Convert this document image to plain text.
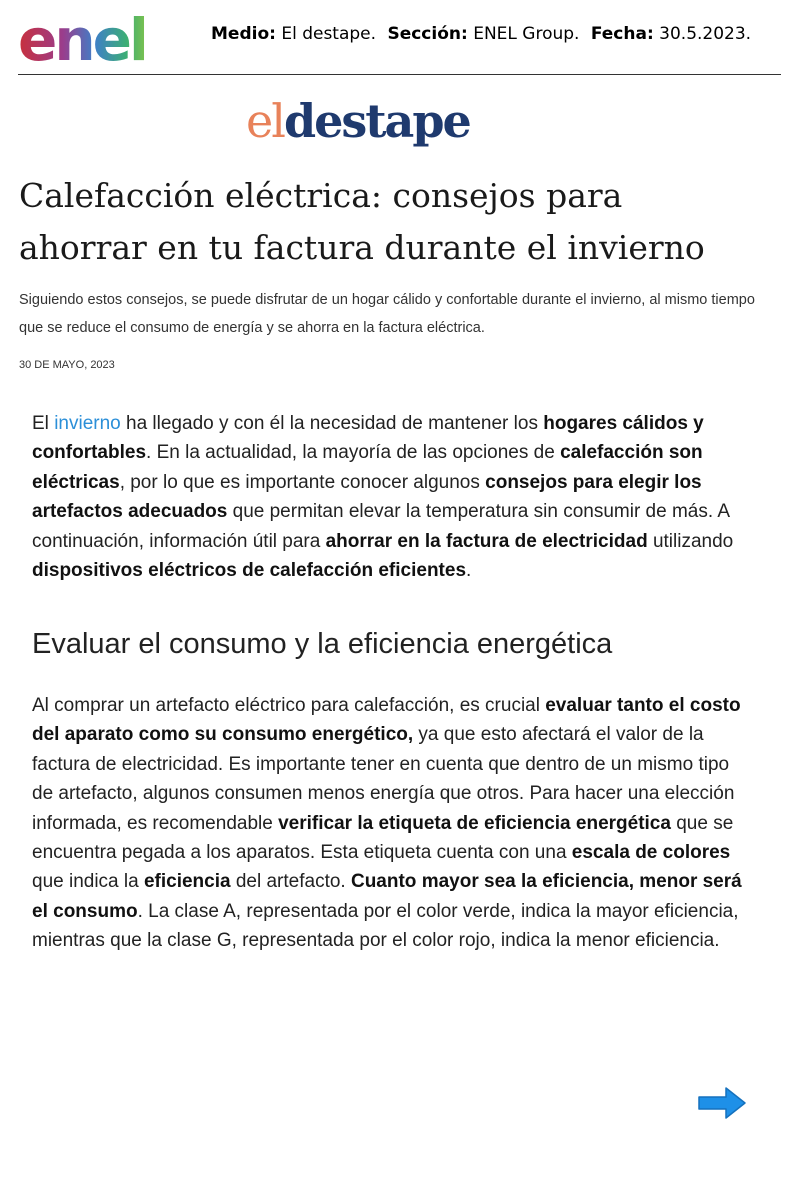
enel	Medio: El destape. Sección: ENEL Group. Fecha: 30.5.2023.
eldestape
Calefacción eléctrica: consejos para ahorrar en tu factura durante el invierno

Siguiendo estos consejos, se puede disfrutar de un hogar cálido y confortable durante el invierno, al mismo tiempo que se reduce el consumo de energía y se ahorra en la factura eléctrica.

30 DE MAYO, 2023

El invierno ha llegado y con él la necesidad de mantener los hogares cálidos y confortables. En la actualidad, la mayoría de las opciones de calefacción son eléctricas, por lo que es importante conocer algunos consejos para elegir los artefactos adecuados que permitan elevar la temperatura sin consumir de más. A continuación, información útil para ahorrar en la factura de electricidad utilizando dispositivos eléctricos de calefacción eficientes.

Evaluar el consumo y la eficiencia energética

Al comprar un artefacto eléctrico para calefacción, es crucial evaluar tanto el costo del aparato como su consumo energético, ya que esto afectará el valor de la factura de electricidad. Es importante tener en cuenta que dentro de un mismo tipo de artefacto, algunos consumen menos energía que otros. Para hacer una elección informada, es recomendable verificar la etiqueta de eficiencia energética que se encuentra pegada a los aparatos. Esta etiqueta cuenta con una escala de colores que indica la eficiencia del artefacto. Cuanto mayor sea la eficiencia, menor será el consumo. La clase A, representada por el color verde, indica la mayor eficiencia, mientras que la clase G, representada por el color rojo, indica la menor eficiencia.
